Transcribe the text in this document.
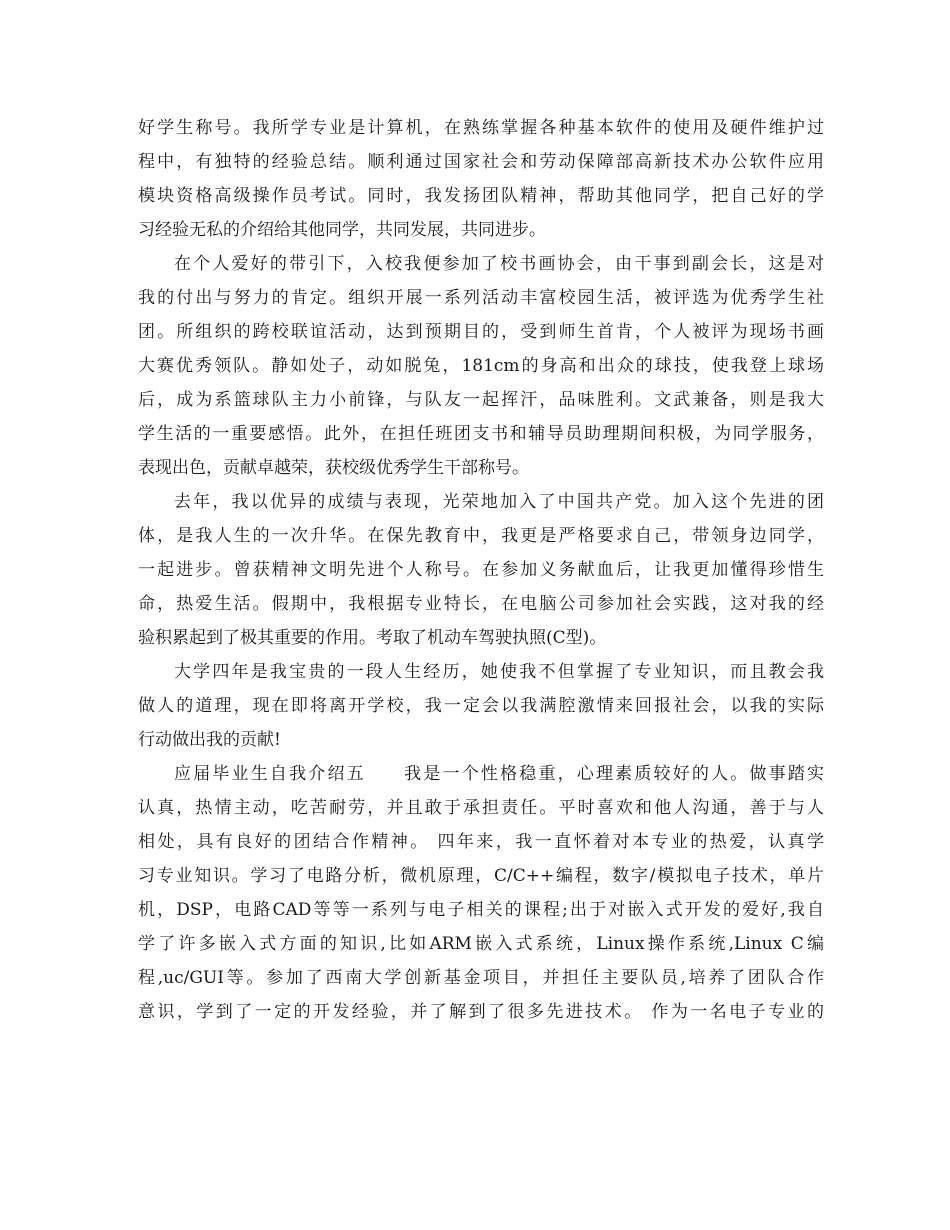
好学生称号。我所学专业是计算机，在熟练掌握各种基本软件的使用及硬件维护过
程中，有独特的经验总结。顺利通过国家社会和劳动保障部高新技术办公软件应用
模块资格高级操作员考试。同时，我发扬团队精神，帮助其他同学，把自己好的学
习经验无私的介绍给其他同学，共同发展，共同进步。
在个人爱好的带引下，入校我便参加了校书画协会，由干事到副会长，这是对
我的付出与努力的肯定。组织开展一系列活动丰富校园生活，被评选为优秀学生社
团。所组织的跨校联谊活动，达到预期目的，受到师生首肯，个人被评为现场书画
大赛优秀领队。静如处子，动如脱兔，181cm的身高和出众的球技，使我登上球场
后，成为系篮球队主力小前锋，与队友一起挥汗，品味胜利。文武兼备，则是我大
学生活的一重要感悟。此外，在担任班团支书和辅导员助理期间积极，为同学服务，
表现出色，贡献卓越荣，获校级优秀学生干部称号。
去年，我以优异的成绩与表现，光荣地加入了中国共产党。加入这个先进的团
体，是我人生的一次升华。在保先教育中，我更是严格要求自己，带领身边同学，
一起进步。曾获精神文明先进个人称号。在参加义务献血后，让我更加懂得珍惜生
命，热爱生活。假期中，我根据专业特长，在电脑公司参加社会实践，这对我的经
验积累起到了极其重要的作用。考取了机动车驾驶执照(C型)。
大学四年是我宝贵的一段人生经历，她使我不但掌握了专业知识，而且教会我
做人的道理，现在即将离开学校，我一定会以我满腔激情来回报社会，以我的实际
行动做出我的贡献!
应届毕业生自我介绍五　　我是一个性格稳重，心理素质较好的人。做事踏实
认真，热情主动，吃苦耐劳，并且敢于承担责任。平时喜欢和他人沟通，善于与人
相处，具有良好的团结合作精神。 四年来，我一直怀着对本专业的热爱，认真学
习专业知识。学习了电路分析，微机原理，C/C++编程，数字/模拟电子技术，单片
机，DSP，电路CAD等等一系列与电子相关的课程;出于对嵌入式开发的爱好,我自
学了许多嵌入式方面的知识,比如ARM嵌入式系统，Linux操作系统,Linux C编
程,uc/GUI等。参加了西南大学创新基金项目，并担任主要队员,培养了团队合作
意识，学到了一定的开发经验，并了解到了很多先进技术。 作为一名电子专业的
